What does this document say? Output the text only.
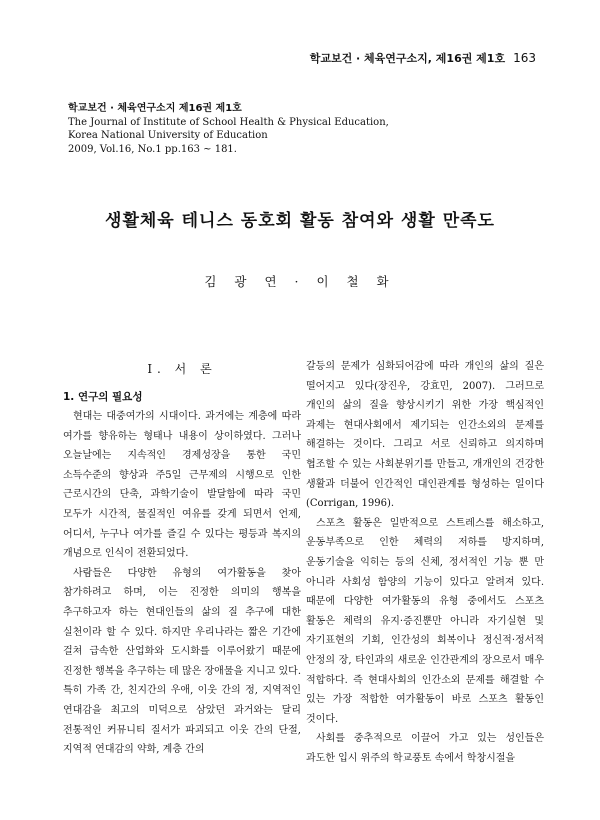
학교보건 · 체육연구소지, 제16권 제1호 163
학교보건 · 체육연구소지 제16권 제1호
The Journal of Institute of School Health & Physical Education,
Korea National University of Education
2009, Vol.16, No.1 pp.163 ~ 181.
생활체육 테니스 동호회 활동 참여와 생활 만족도
김 광 연 · 이 철 화
Ⅰ. 서 론
1. 연구의 필요성

현대는 대중여가의 시대이다. 과거에는 계층에 따라 여가를 향유하는 형태나 내용이 상이하였다. 그러나 오늘날에는 지속적인 경제성장을 통한 국민 소득수준의 향상과 주5일 근무제의 시행으로 인한 근로시간의 단축, 과학기술이 발달함에 따라 국민 모두가 시간적, 물질적인 여유를 갖게 되면서 언제, 어디서, 누구나 여가를 즐길 수 있다는 평등과 복지의 개념으로 인식이 전환되었다.

사람들은 다양한 유형의 여가활동을 찾아 참가하려고 하며, 이는 진정한 의미의 행복을 추구하고자 하는 현대인들의 삶의 질 추구에 대한 실천이라 할 수 있다. 하지만 우리나라는 짧은 기간에 걸쳐 급속한 산업화와 도시화를 이루어왔기 때문에 진정한 행복을 추구하는 데 많은 장애물을 지니고 있다. 특히 가족 간, 친지간의 우애, 이웃 간의 정, 지역적인 연대감을 최고의 미덕으로 삼았던 과거와는 달리 전통적인 커뮤니티 질서가 파괴되고 이웃 간의 단절, 지역적 연대감의 약화, 계층 간의

갈등의 문제가 심화되어감에 따라 개인의 삶의 질은 떨어지고 있다(장진우, 강효민, 2007). 그러므로 개인의 삶의 질을 향상시키기 위한 가장 핵심적인 과제는 현대사회에서 제기되는 인간소외의 문제를 해결하는 것이다. 그리고 서로 신뢰하고 의지하며 협조할 수 있는 사회분위기를 만들고, 개개인의 건강한 생활과 더불어 인간적인 대인관계를 형성하는 일이다(Corrigan, 1996).

스포츠 활동은 일반적으로 스트레스를 해소하고, 운동부족으로 인한 체력의 저하를 방지하며, 운동기술을 익히는 등의 신체, 정서적인 기능 뿐 만 아니라 사회성 함양의 기능이 있다고 알려져 있다. 때문에 다양한 여가활동의 유형 중에서도 스포츠 활동은 체력의 유지·증진뿐만 아니라 자기실현 및 자기표현의 기회, 인간성의 회복이나 정신적·정서적 안정의 장, 타인과의 새로운 인간관계의 장으로서 매우 적합하다. 즉 현대사회의 인간소외 문제를 해결할 수 있는 가장 적합한 여가활동이 바로 스포츠 활동인 것이다.

사회를 중추적으로 이끌어 가고 있는 성인들은 과도한 입시 위주의 학교풍토 속에서 학창시절을
